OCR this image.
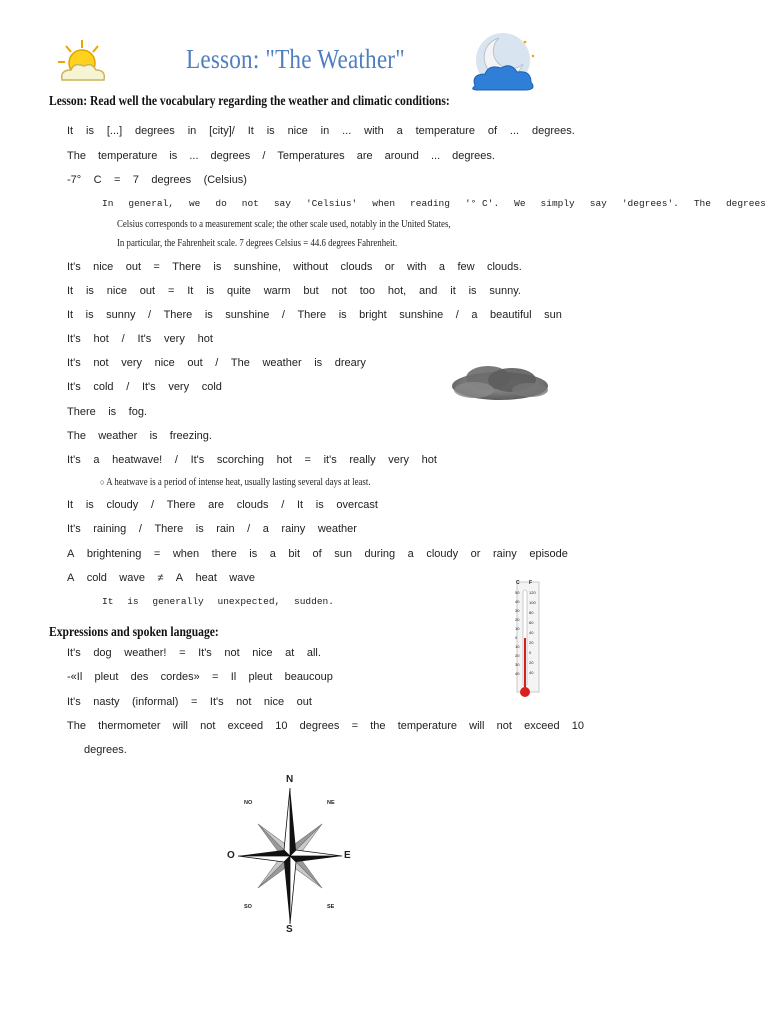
Lesson: "The Weather"
Lesson: Read well the vocabulary regarding the weather and climatic conditions:
It is [...] degrees in [city]/ It is nice in ... with a temperature of ... degrees.
The temperature is ... degrees / Temperatures are around ... degrees.
-7° C = 7 degrees (Celsius)
In general, we do not say 'Celsius' when reading '° C'. We simply say 'degrees'. The degrees
Celsius corresponds to a measurement scale; the other scale used, notably in the United States,
In particular, the Fahrenheit scale. 7 degrees Celsius = 44.6 degrees Fahrenheit.
It's nice out = There is sunshine, without clouds or with a few clouds.
It is nice out = It is quite warm but not too hot, and it is sunny.
It is sunny / There is sunshine / There is bright sunshine / a beautiful sun
It's hot / It's very hot
It's not very nice out / The weather is dreary
It's cold / It's very cold
There is fog.
The weather is freezing.
It's a heatwave! / It's scorching hot = it's really very hot
○ A heatwave is a period of intense heat, usually lasting several days at least.
It is cloudy / There are clouds / It is overcast
It's raining / There is rain / a rainy weather
A brightening = when there is a bit of sun during a cloudy or rainy episode
A cold wave ≠ A heat wave
It is generally unexpected, sudden.
Expressions and spoken language:
It's dog weather! = It's not nice at all.
-«Il pleut des cordes» = Il pleut beaucoup
It's nasty (informal) = It's not nice out
The thermometer will not exceed 10 degrees = the temperature will not exceed 10
degrees.
C F
50
40
30
20
10
0
10
20
30
40
120
100
80
60
40
20
0
20
40
N
S
E
O
NE
NO
SE
SO
